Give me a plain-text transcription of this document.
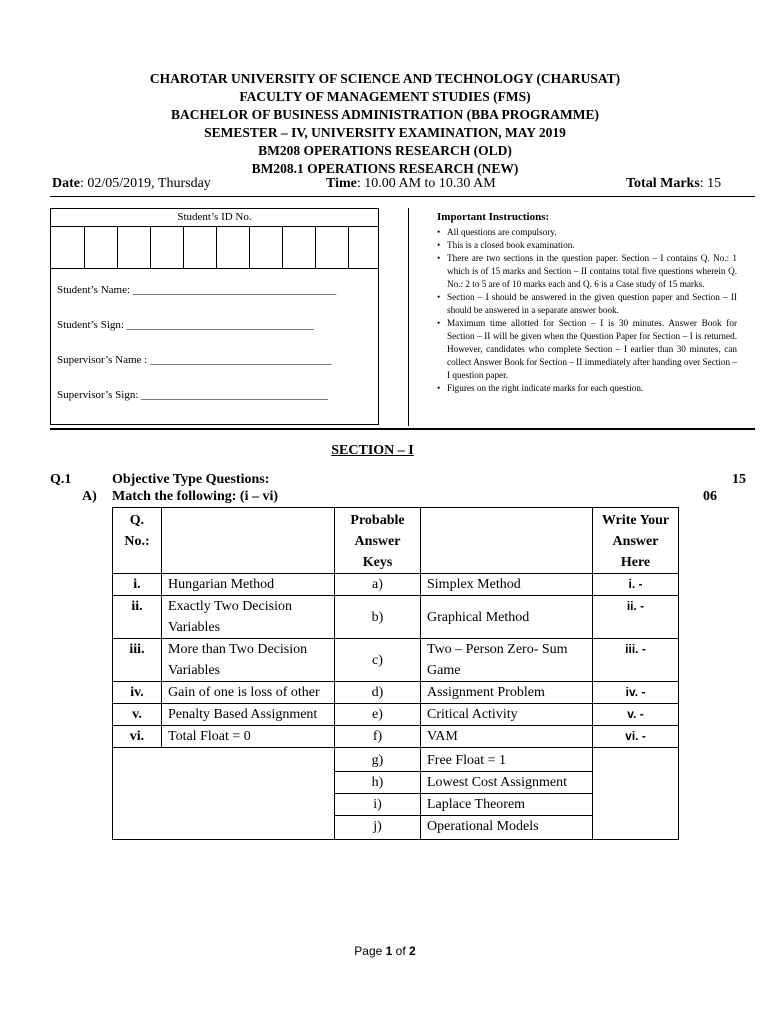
CHAROTAR UNIVERSITY OF SCIENCE AND TECHNOLOGY (CHARUSAT)
FACULTY OF MANAGEMENT STUDIES (FMS)
BACHELOR OF BUSINESS ADMINISTRATION (BBA PROGRAMME)
SEMESTER – IV, UNIVERSITY EXAMINATION, MAY 2019
BM208 OPERATIONS RESEARCH (OLD)
BM208.1 OPERATIONS RESEARCH (NEW)
Date: 02/05/2019, Thursday	Time: 10.00 AM to 10.30 AM	Total Marks: 15
Student’s ID No.
Student’s Name: _____________________________________
Student’s Sign: __________________________________
Supervisor’s Name : _________________________________
Supervisor’s Sign: __________________________________
Important Instructions:
• All questions are compulsory.
• This is a closed book examination.
• There are two sections in the question paper. Section – I contains Q. No.: 1 which is of 15 marks and Section – II contains total five questions wherein Q. No.: 2 to 5 are of 10 marks each and Q. 6 is a Case study of 15 marks.
• Section – I should be answered in the given question paper and Section – II should be answered in a separate answer book.
• Maximum time allotted for Section – I is 30 minutes. Answer Book for Section – II will be given when the Question Paper for Section – I is returned. However, candidates who complete Section – I earlier than 30 minutes, can collect Answer Book for Section – II immediately after handing over Section – I question paper.
• Figures on the right indicate marks for each question.
SECTION – I
Q.1	Objective Type Questions:	15
A) Match the following: (i – vi)	06
Q. No.:		Probable Answer Keys		Write Your Answer Here
i.	Hungarian Method	a)	Simplex Method	i. -
ii.	Exactly Two Decision Variables	b)	Graphical Method	ii. -
iii.	More than Two Decision Variables	c)	Two – Person Zero- Sum Game	iii. -
iv.	Gain of one is loss of other	d)	Assignment Problem	iv. -
v.	Penalty Based Assignment	e)	Critical Activity	v. -
vi.	Total Float = 0	f)	VAM	vi. -
		g)	Free Float = 1	
		h)	Lowest Cost Assignment	
		i)	Laplace Theorem	
		j)	Operational Models	
Page 1 of 2
